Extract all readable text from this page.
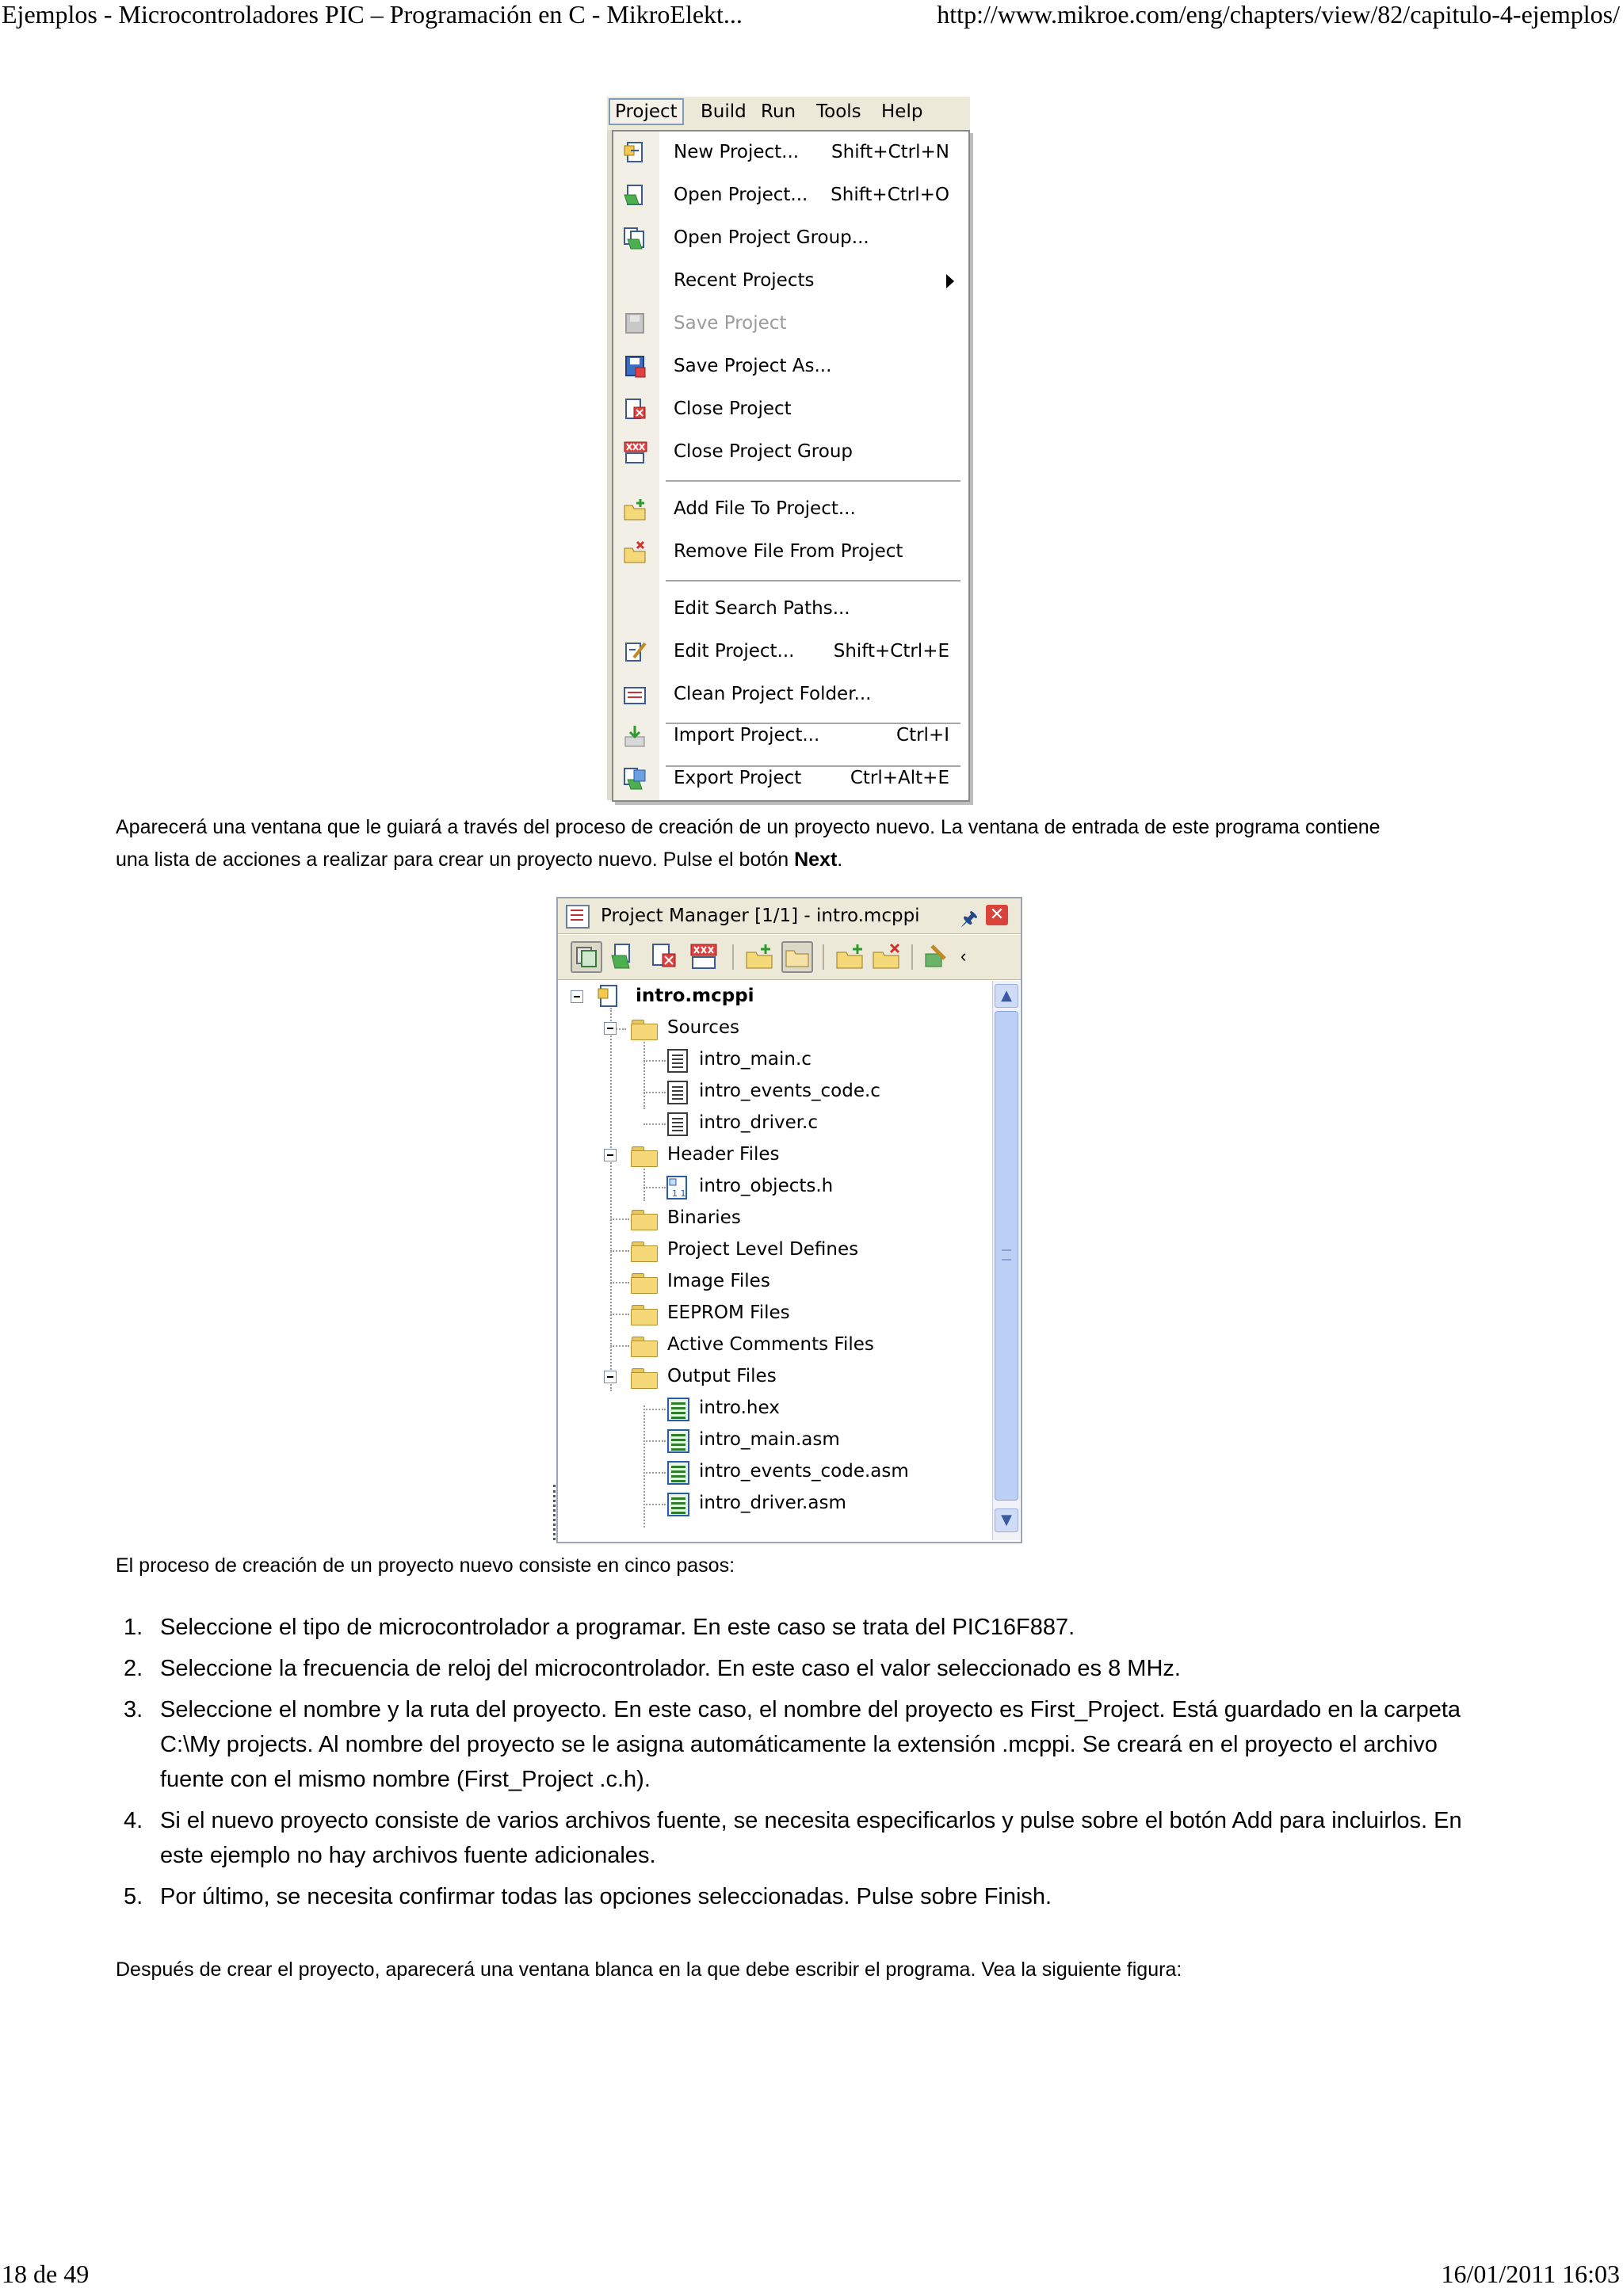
Ejemplos - Microcontroladores PIC – Programación en C - MikroElekt...	http://www.mikroe.com/eng/chapters/view/82/capitulo-4-ejemplos/
Project	Build Run Tools Help
New Project... Shift+Ctrl+N
Open Project... Shift+Ctrl+O
Open Project Group...
Recent Projects
Save Project
Save Project As...
Close Project
Close Project Group
Add File To Project...
Remove File From Project
Edit Search Paths...
Edit Project... Shift+Ctrl+E
Clean Project Folder...
Import Project...	Ctrl+I
Export Project	Ctrl+Alt+E
Aparecerá una ventana que le guiará a través del proceso de creación de un proyecto nuevo. La ventana de entrada de este programa contiene una lista de acciones a realizar para crear un proyecto nuevo. Pulse el botón Next.
Project Manager [1/1] - intro.mcppi 🖈 ✕
‹
intro.mcppi
Sources
intro_main.c
intro_events_code.c
intro_driver.c
Header Files
1 1 intro_objects.h
Binaries
Project Level Defines
Image Files
EEPROM Files
Active Comments Files
Output Files
intro.hex
intro_main.asm
intro_events_code.asm
intro_driver.asm
▲
▼
El proceso de creación de un proyecto nuevo consiste en cinco pasos:
1. Seleccione el tipo de microcontrolador a programar. En este caso se trata del PIC16F887.
2. Seleccione la frecuencia de reloj del microcontrolador. En este caso el valor seleccionado es 8 MHz.
3. Seleccione el nombre y la ruta del proyecto. En este caso, el nombre del proyecto es First_Project. Está guardado en la carpeta C:\My projects. Al nombre del proyecto se le asigna automáticamente la extensión .mcppi. Se creará en el proyecto el archivo fuente con el mismo nombre (First_Project .c.h).
4. Si el nuevo proyecto consiste de varios archivos fuente, se necesita especificarlos y pulse sobre el botón Add para incluirlos. En este ejemplo no hay archivos fuente adicionales.
5. Por último, se necesita confirmar todas las opciones seleccionadas. Pulse sobre Finish.
Después de crear el proyecto, aparecerá una ventana blanca en la que debe escribir el programa. Vea la siguiente figura:
18 de 49	16/01/2011 16:03
